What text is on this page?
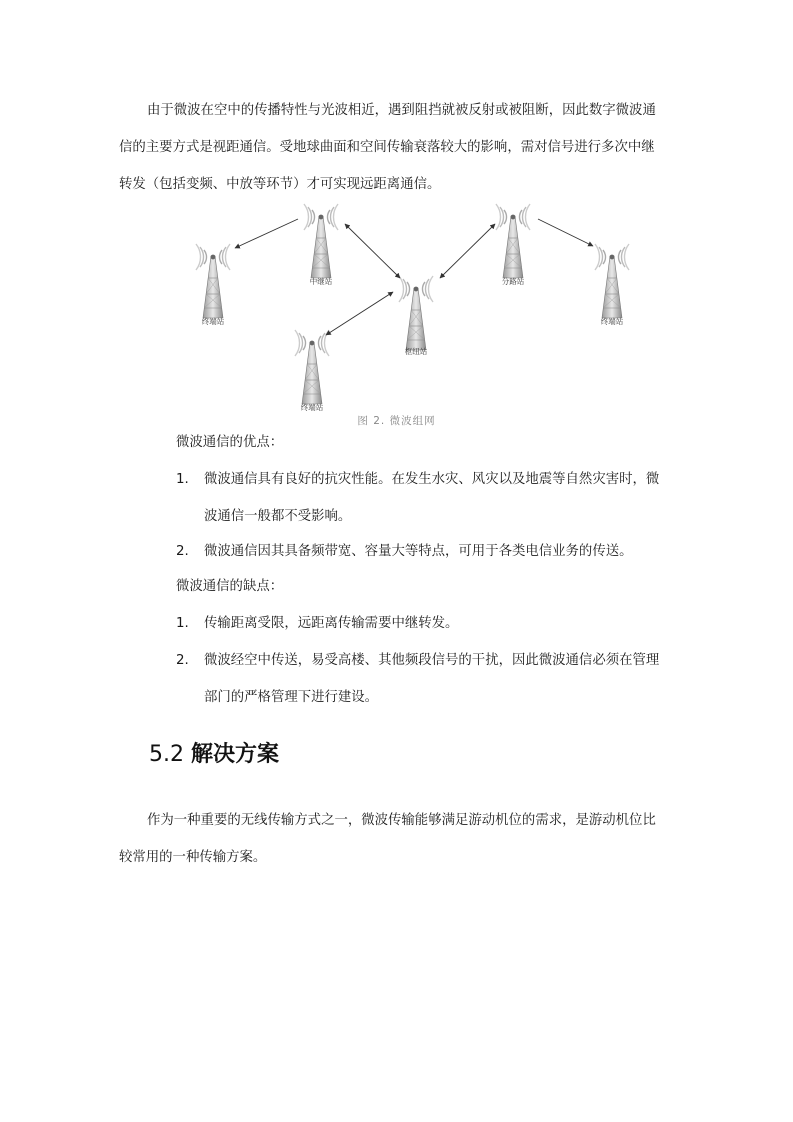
由于微波在空中的传播特性与光波相近，遇到阻挡就被反射或被阻断，因此数字微波通
信的主要方式是视距通信。受地球曲面和空间传输衰落较大的影响，需对信号进行多次中继
转发（包括变频、中放等环节）才可实现远距离通信。

终端站
中继站
枢纽站
分路站
终端站
终端站
图 2. 微波组网
微波通信的优点：
1. 微波通信具有良好的抗灾性能。在发生水灾、风灾以及地震等自然灾害时，微
波通信一般都不受影响。
2. 微波通信因其具备频带宽、容量大等特点，可用于各类电信业务的传送。
微波通信的缺点：
1. 传输距离受限，远距离传输需要中继转发。
2. 微波经空中传送，易受高楼、其他频段信号的干扰，因此微波通信必须在管理
部门的严格管理下进行建设。
5.2 解决方案

作为一种重要的无线传输方式之一，微波传输能够满足游动机位的需求，是游动机位比
较常用的一种传输方案。
